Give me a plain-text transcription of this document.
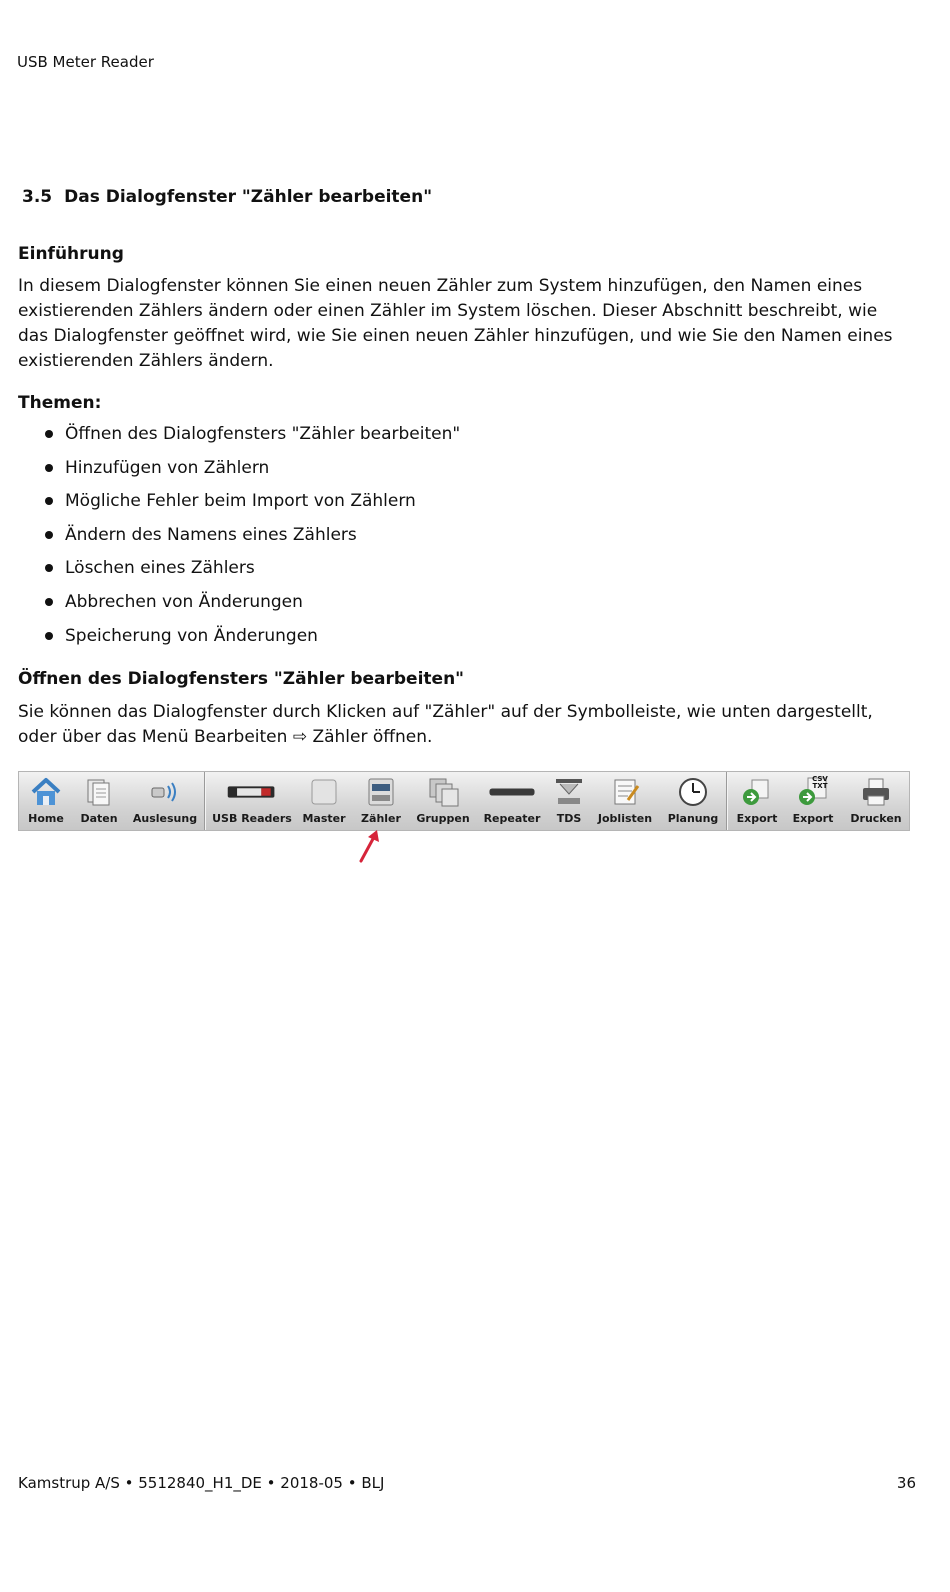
USB Meter Reader
3.5 Das Dialogfenster "Zähler bearbeiten"
Einführung
In diesem Dialogfenster können Sie einen neuen Zähler zum System hinzufügen, den Namen eines existierenden Zählers ändern oder einen Zähler im System löschen. Dieser Abschnitt beschreibt, wie das Dialogfenster geöffnet wird, wie Sie einen neuen Zähler hinzufügen, und wie Sie den Namen eines existierenden Zählers ändern.
Themen:
Öffnen des Dialogfensters "Zähler bearbeiten"
Hinzufügen von Zählern
Mögliche Fehler beim Import von Zählern
Ändern des Namens eines Zählers
Löschen eines Zählers
Abbrechen von Änderungen
Speicherung von Änderungen
Öffnen des Dialogfensters "Zähler bearbeiten"
Sie können das Dialogfenster durch Klicken auf "Zähler" auf der Symbolleiste, wie unten dargestellt, oder über das Menü Bearbeiten ⇨ Zähler öffnen.
Home	Daten	Auslesung USB Readers Master Zähler Gruppen Repeater	TDS	Joblisten	Planung	Export
CSV TXT
Export	Drucken
Kamstrup A/S • 5512840_H1_DE • 2018-05 • BLJ	36
